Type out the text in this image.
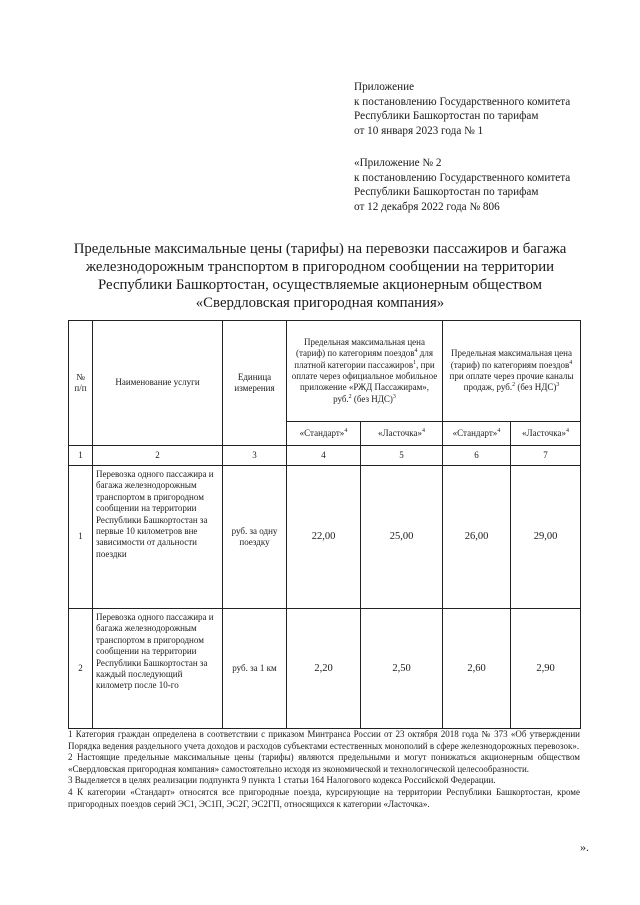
Приложение
к постановлению Государственного комитета
Республики Башкортостан по тарифам
от 10 января 2023 года № 1
«Приложение № 2
к постановлению Государственного комитета
Республики Башкортостан по тарифам
от 12 декабря 2022 года № 806
Предельные максимальные цены (тарифы) на перевозки пассажиров и багажа
железнодорожным транспортом в пригородном сообщении на территории
Республики Башкортостан, осуществляемые акционерным обществом
«Свердловская пригородная компания»
№ п/п	Наименование услуги	Единица измерения	Предельная максимальная цена (тариф) по категориям поездов$^4$ для платной категории пассажиров$^1$, при оплате через официальное мобильное приложение «РЖД Пассажирам», руб.$^2$ (без НДС)$^3$		Предельная максимальная цена (тариф) по категориям поездов$^4$ при оплате через прочие каналы продаж, руб.$^2$ (без НДС)$^3$
			«Стандарт»$^4$	«Ласточка»$^4$	«Стандарт»$^4$	«Ласточка»$^4$
1	2	3	4	5	6	7
1	Перевозка одного пассажира и багажа железнодорожным транспортом в пригородном сообщении на территории Республики Башкортостан за первые 10 километров вне зависимости от дальности поездки	руб. за одну поездку	22,00	25,00	26,00	29,00
2	Перевозка одного пассажира и багажа железнодорожным транспортом в пригородном сообщении на территории Республики Башкортостан за каждый последующий километр после 10-го	руб. за 1 км	2,20	2,50	2,60	2,90

1 Категория граждан определена в соответствии с приказом Минтранса России от 23 октября 2018 года № 373 «Об утверждении Порядка ведения раздельного учета доходов и расходов субъектами естественных монополий в сфере железнодорожных перевозок».

2 Настоящие предельные максимальные цены (тарифы) являются предельными и могут понижаться акционерным обществом «Свердловская пригородная компания» самостоятельно исходя из экономической и технологической целесообразности.

3 Выделяется в целях реализации подпункта 9 пункта 1 статьи 164 Налогового кодекса Российской Федерации.

4 К категории «Стандарт» относятся все пригородные поезда, курсирующие на территории Республики Башкортостан, кроме пригородных поездов серий ЭС1, ЭС1П, ЭС2Г, ЭС2ГП, относящихся к категории «Ласточка».

».
